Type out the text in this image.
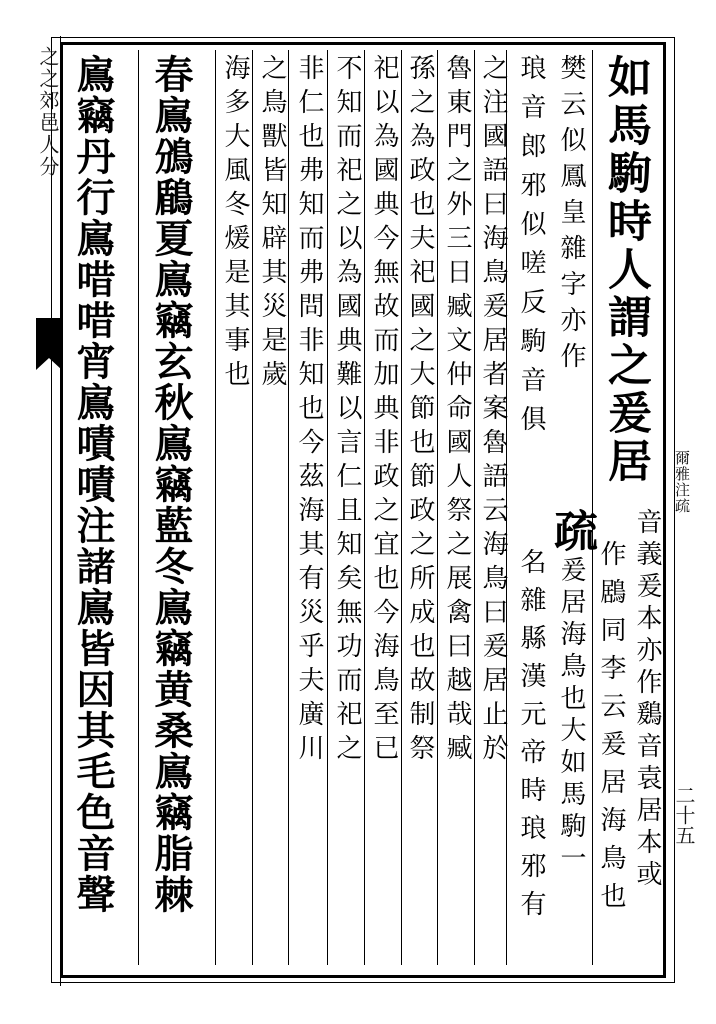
之之郊邑人分	如馬駒時人謂之爰居
音義爰本亦作鶢音袁居本或
作鶋同李云爰居海鳥也
樊云似鳳皇雜字亦作
疏爰居海鳥也大如馬駒一
琅音郎邪似嗟反駒音俱
名雜縣漢元帝時琅邪有
之注國語曰海鳥爰居者案魯語云海鳥曰爰居止於
魯東門之外三日臧文仲命國人祭之展禽曰越哉臧
孫之為政也夫祀國之大節也節政之所成也故制祭
祀以為國典今無故而加典非政之宜也今海鳥至已
不知而祀之以為國典難以言仁且知矣無功而祀之
非仁也弗知而弗問非知也今茲海其有災乎夫廣川
之鳥獸皆知辟其災是歲
海多大風冬煖是其事也
春鳸鳻鶞夏鳸竊玄秋鳸竊藍冬鳸竊黄桑鳸竊脂棘
鳸竊丹行鳸唶唶宵鳸嘖嘖注諸鳸皆因其毛色音聲	爾雅注疏
二十五
